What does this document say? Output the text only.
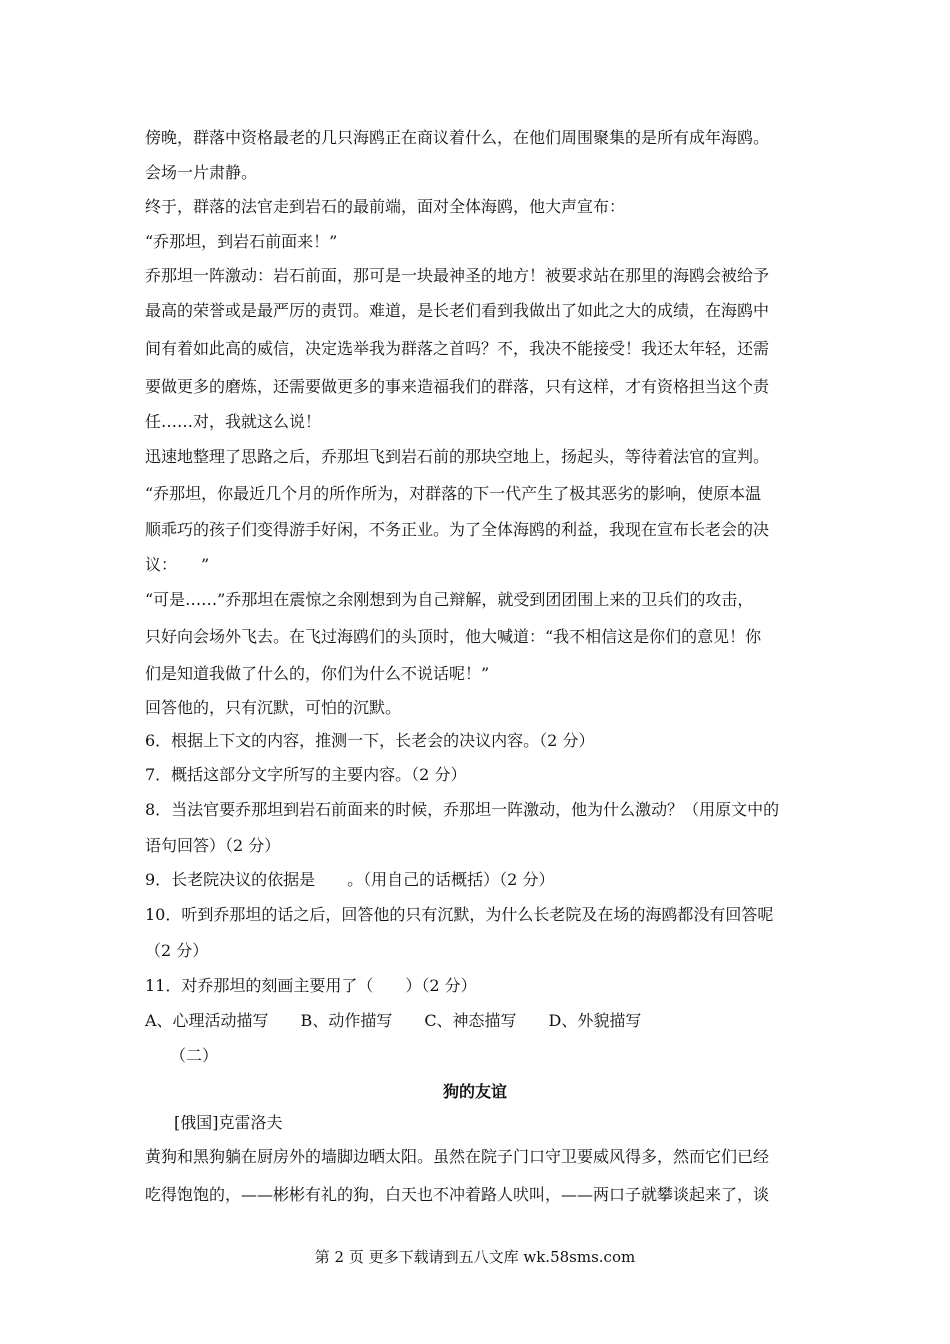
傍晚，群落中资格最老的几只海鸥正在商议着什么，在他们周围聚集的是所有成年海鸥。
会场一片肃静。
终于，群落的法官走到岩石的最前端，面对全体海鸥，他大声宣布：
“乔那坦，到岩石前面来！”
乔那坦一阵激动：岩石前面，那可是一块最神圣的地方！被要求站在那里的海鸥会被给予
最高的荣誉或是最严厉的责罚。难道，是长老们看到我做出了如此之大的成绩，在海鸥中
间有着如此高的威信，决定选举我为群落之首吗？不，我决不能接受！我还太年轻，还需
要做更多的磨炼，还需要做更多的事来造福我们的群落，只有这样，才有资格担当这个责
任……对，我就这么说！
迅速地整理了思路之后，乔那坦飞到岩石前的那块空地上，扬起头，等待着法官的宣判。
“乔那坦，你最近几个月的所作所为，对群落的下一代产生了极其恶劣的影响，使原本温
顺乖巧的孩子们变得游手好闲，不务正业。为了全体海鸥的利益，我现在宣布长老会的决
议：　　”
“可是……”乔那坦在震惊之余刚想到为自己辩解，就受到团团围上来的卫兵们的攻击，
只好向会场外飞去。在飞过海鸥们的头顶时，他大喊道：“我不相信这是你们的意见！你
们是知道我做了什么的，你们为什么不说话呢！”
回答他的，只有沉默，可怕的沉默。
6．根据上下文的内容，推测一下，长老会的决议内容。（2 分）
7．概括这部分文字所写的主要内容。（2 分）
8．当法官要乔那坦到岩石前面来的时候，乔那坦一阵激动，他为什么激动？（用原文中的
语句回答）（2 分）
9．长老院决议的依据是　　。（用自己的话概括）（2 分）
10．听到乔那坦的话之后，回答他的只有沉默，为什么长老院及在场的海鸥都没有回答呢
（2 分）
11．对乔那坦的刻画主要用了（　　）（2 分）
A、心理活动描写　　B、动作描写　　C、神态描写　　D、外貌描写
（二）
狗的友谊
[俄国]克雷洛夫
黄狗和黑狗躺在厨房外的墙脚边晒太阳。虽然在院子门口守卫要威风得多，然而它们已经
吃得饱饱的，——彬彬有礼的狗，白天也不冲着路人吠叫，——两口子就攀谈起来了，谈
第 2 页 更多下载请到五八文库 wk.58sms.com
